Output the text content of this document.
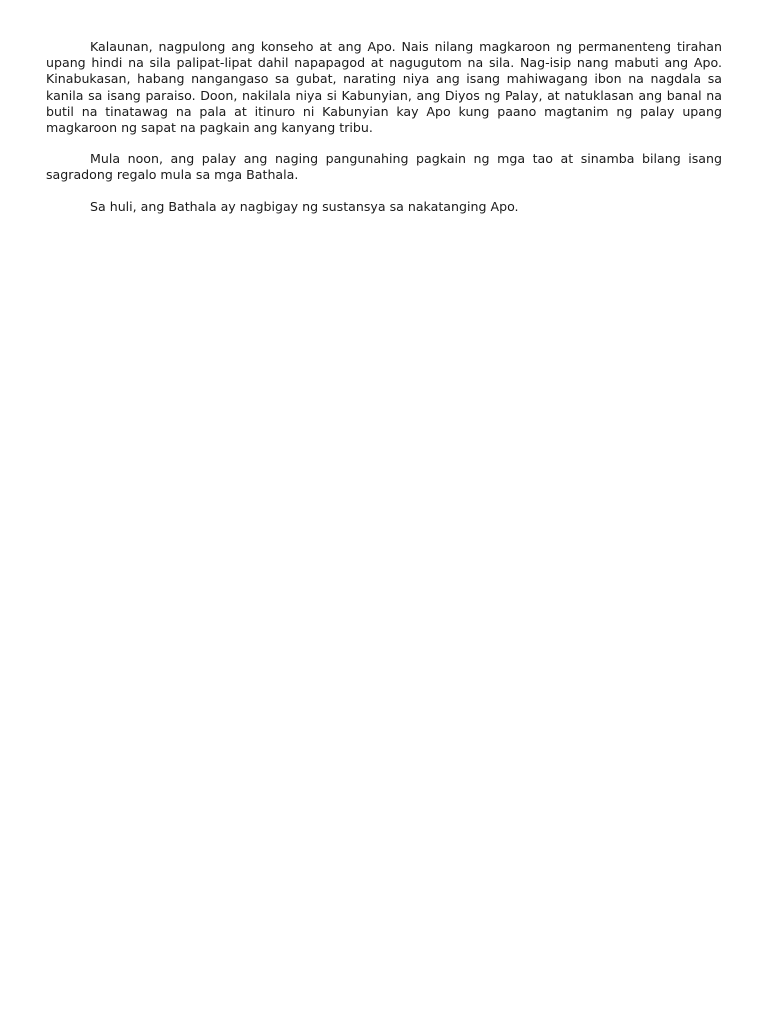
Kalaunan, nagpulong ang konseho at ang Apo. Nais nilang magkaroon ng permanenteng tirahan upang hindi na sila palipat-lipat dahil napapagod at nagugutom na sila. Nag-isip nang mabuti ang Apo. Kinabukasan, habang nangangaso sa gubat, narating niya ang isang mahiwagang ibon na nagdala sa kanila sa isang paraiso. Doon, nakilala niya si Kabunyian, ang Diyos ng Palay, at natuklasan ang banal na butil na tinatawag na pala at itinuro ni Kabunyian kay Apo kung paano magtanim ng palay upang magkaroon ng sapat na pagkain ang kanyang tribu.

Mula noon, ang palay ang naging pangunahing pagkain ng mga tao at sinamba bilang isang sagradong regalo mula sa mga Bathala.

Sa huli, ang Bathala ay nagbigay ng sustansya sa nakatanging Apo.
